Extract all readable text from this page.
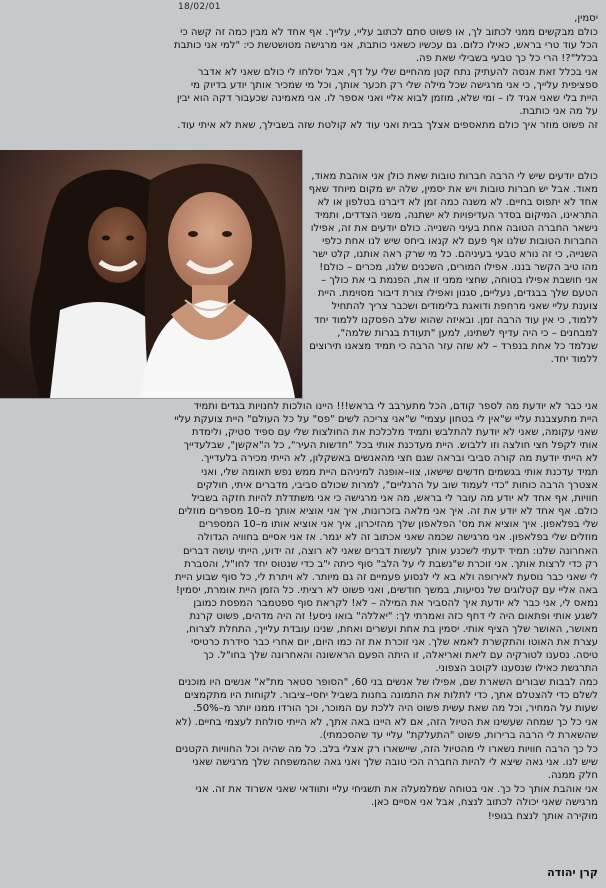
18/02/01

יסמין,

כולם מבקשים ממני לכתוב לך, או פשוט סתם לכתוב עליי, עלייך. אף אחד לא מבין כמה זה קשה כי הכל עוד טרי בראש, כאילו כלום. גם עכשיו כשאני כותבת, אני מרגישה מטושטשת כי: "למי אני כותבת בכלל"?! הרי כל כך טבעי בשבילי שאת פה.

אני בכלל זאת אנסה להעתיק נתח קטן מהחיים שלי על דף, אבל יסלחו לי כולם שאני לא אדבר ספציפית עלייך, כי אני מרגישה שכל מילה שלי רק תכער אותך, וכל מי שמכיר אותך יודע בדיוק מי היית בלי שאני אגיד לו – ומי שלא, מוזמן לבוא אליי ואני אספר לו. אני מאמינה שכעבור דקה הוא יבין על מה אני כותבת.

זה פשוט מוזר איך כולם מתאספים אצלך בבית ואני עוד לא קולטת שזה בשבילך, שאת לא איתי עוד.

כולם יודעים שיש לי הרבה חברות טובות שאת כולן אני אוהבת מאוד, מאוד. אבל יש חברות טובות ויש את יסמין, שלה יש מקום מיוחד שאף אחד לא יתפוס בחיים. לא משנה כמה זמן לא דיברנו בטלפון או לא התראינו, המיקום בסדר העדיפויות לא ישתנה, משני הצדדים, ותמיד נישאר החברה הטובה אחת בעיני השנייה. כולם יודעים את זה, אפילו החברות הטובות שלנו אף פעם לא קנאו ביחס שיש לנו אחת כלפי השנייה, כי זה נורא טבעי בעיניהם. כל מי שרק ראה אותנו, קלט ישר מהו טיב הקשר בננו. אפילו המורים, השכנים שלנו, מכרים – כולם! אני חושבת אפילו בטוחה, שחצי ממני זו את, הפנמת בי את כולך – הטעם שלך בבגדים, נעליים, סגנון ואפילו צורת דיבור מסוימת. היית צוענת עליי שאני מרחפת ודואגת בלימודים ושכבר צריך להתחיל ללמוד, כי אין עוד הרבה זמן. ובאיזה שהוא שלב הפסקנו ללמוד יחד למבחנים – כי היה עדיף לשתינו, למען "תעודת בגרות שלמה", שנלמד כל אחת בנפרד – לא שזה עזר הרבה כי תמיד מצאנו תירוצים ללמוד יחד.

אני כבר לא יודעת מה לספר קודם, הכל מתערבב לי בראש!!! היינו הולכות לחנויות בגדים ותמיד היית מתעצבנת עליי ש"אין לי בטחון עצמי" ש"אני צריכה לשים "פס" על כל העולם" היית צועקת עליי שאני עקומה, שאני לא יודעת להתלבש ותמיד מלכלכת את החולצות שלי עם ספיד סטיק, ולימדת אותי לקפל חצי חולצה וזו ללבוש. היית מעדכנת אותי בכל "חדשות העיר", כל ה"אקשן", שבלעדייך לא הייתי יודעת מה קורה סביבי ובראה שגם חצי מהאנשים באשקלון, לא הייתי מכירה בלעדייך.

תמיד עדכנת אותי בגשמים חדשים שישאו, צוו–אופנה למיניהם היית ממש נפש תאומה שלי, ואני אצטרך הרבה כוחות "כדי לעמוד שוב על הרגליים", למרות שכולם סביבי, מדברים איתי, חולקים חוויות, אף אחד לא יודע מה עובר לי בראש, מה אני מרגישה כי אני משתדלת להיות חזקה בשביל כולם. אף אחד לא יודע את זה. איך אני מלאה בזכרונות, איך אני אוציא אותך מ–10 מספרים מוזלים שלי בפלאפון. איך אוציא את מס' הפלאפון שלך מהזיכרון, איך אני אוציא אותו מ–10 המספרים מוזלים שלי בפלאפון. אני מרגישה שכמה שאני אכתוב זה לא יגמר. אז אני אסיים בחוויה הגדולה האחרונה שלנו: תמיד ידעתי לשכנע אותך לעשות דברים שאני לא רוצה, זה ידוע, הייתי עושה דברים רק כדי לרצות אותך. אני זוכרת ש"נשבת לי על הלב" סוף כיתה י"ב כדי שנטוס יחד לחו"ל, והסברת לי שאני כבר נוסעת לאירופה ולא בא לי לנסוע פעמיים זה גם מיותר. לא ויתרת לי, כל סוף שבוע היית באה אליי עם קטלוגים של נסיעות, במשך חודשים, ואני פשוט לא רציתי. כל הזמן היית אומרת, יסמין! נמאס לי, אני כבר לא יודעת איך להסביר את המילה – לא! לקראת סוף ספטמבר המפסת כמובן לשגע אותי ופתאום היה לי דחף כזה ואמרתי לך: "יאללה" בואו ניסע! זה היה מדהים, פשוט קרנת מאושר, האושר שלך הציף אותי. יסמין בת אחת ועשרים ואחת, שנינו עובדת עלייך, התחלת לצרוח, עצרת את האוטו והתקשרת לאמא שלך. אני זוכרת את זה כמו היום, יום אחרי כבר סידרת כרטיסי טיסה. נסענו לטורקיה עם ליאת ואריאלה, זו היתה הפעם הראשונה והאחרונה שלך בחו"ל. כך התרגשת כאילו שנסענו לקוטב הצפוני.

כמה לבבות שבורים השארת שם, אפילו של אנשים בני 60, "הסופר סטאר מת"א" אנשים היו מוכנים לשלם כדי להצטלם אתך, כדי לתלות את התמונה בחנות בשביל יחסי–ציבור. לקוחות היו מתקמצים שעות על המחיר, וכל מה שאת עשית פשוט היה ללכת עם המוכר, וכך הורדו ממנו יותר מ–50%.

אני כל כך שמחה שעשינו את הטיול הזה, אם לא היינו באה אתך, לא הייתי סולחת לעצמי בחיים. (לא שהשארת לי הרבה ברירות, פשוט "התעלקת" עליי עד שהסכמתי).

כל כך הרבה חוויות נשארו לי מהטיול הזה, שיישארו רק אצלי בלב. כל מה שהיה וכל החוויות הקטנים שיש לנו. אני גאה שיצא לי להיות החברה הכי טובה שלך ואני גאה שהמשפחה שלך מרגישה שאני חלק ממנה.

אני אוהבת אותך כל כך. אני בטוחה שמלמעלה את תשגיחי עליי ותוודאי שאני אשרוד את זה. אני מרגישה שאני יכולה לכתוב לנצח, אבל אני אסיים כאן.

מוקירה אותך לנצח בגופי!

קרן יהודה
